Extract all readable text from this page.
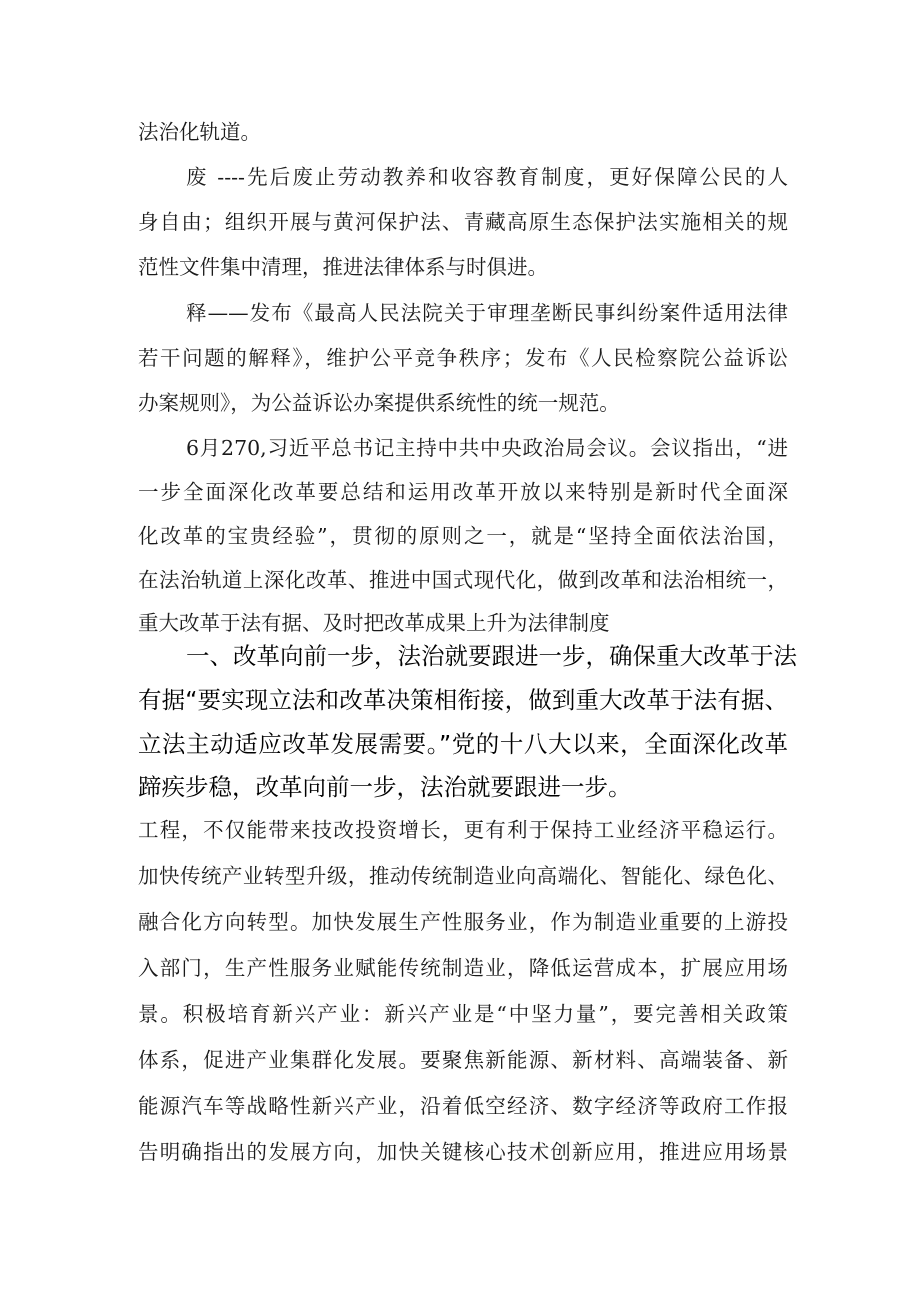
法治化轨道。
废 ----先后废止劳动教养和收容教育制度，更好保障公民的人
身自由；组织开展与黄河保护法、青藏高原生态保护法实施相关的规
范性文件集中清理，推进法律体系与时俱进。
释——发布《最高人民法院关于审理垄断民事纠纷案件适用法律
若干问题的解释》，维护公平竞争秩序；发布《人民检察院公益诉讼
办案规则》，为公益诉讼办案提供系统性的统一规范。
6月270,习近平总书记主持中共中央政治局会议。会议指出，“进
一步全面深化改革要总结和运用改革开放以来特别是新时代全面深
化改革的宝贵经验”，贯彻的原则之一，就是“坚持全面依法治国，
在法治轨道上深化改革、推进中国式现代化，做到改革和法治相统一，
重大改革于法有据、及时把改革成果上升为法律制度
一、改革向前一步，法治就要跟进一步，确保重大改革于法
有据“要实现立法和改革决策相衔接，做到重大改革于法有据、
立法主动适应改革发展需要。”党的十八大以来，全面深化改革
蹄疾步稳，改革向前一步，法治就要跟进一步。
工程，不仅能带来技改投资增长，更有利于保持工业经济平稳运行。
加快传统产业转型升级，推动传统制造业向高端化、智能化、绿色化、
融合化方向转型。加快发展生产性服务业，作为制造业重要的上游投
入部门，生产性服务业赋能传统制造业，降低运营成本，扩展应用场
景。积极培育新兴产业：新兴产业是“中坚力量”，要完善相关政策
体系，促进产业集群化发展。要聚焦新能源、新材料、高端装备、新
能源汽车等战略性新兴产业，沿着低空经济、数字经济等政府工作报
告明确指出的发展方向，加快关键核心技术创新应用，推进应用场景
